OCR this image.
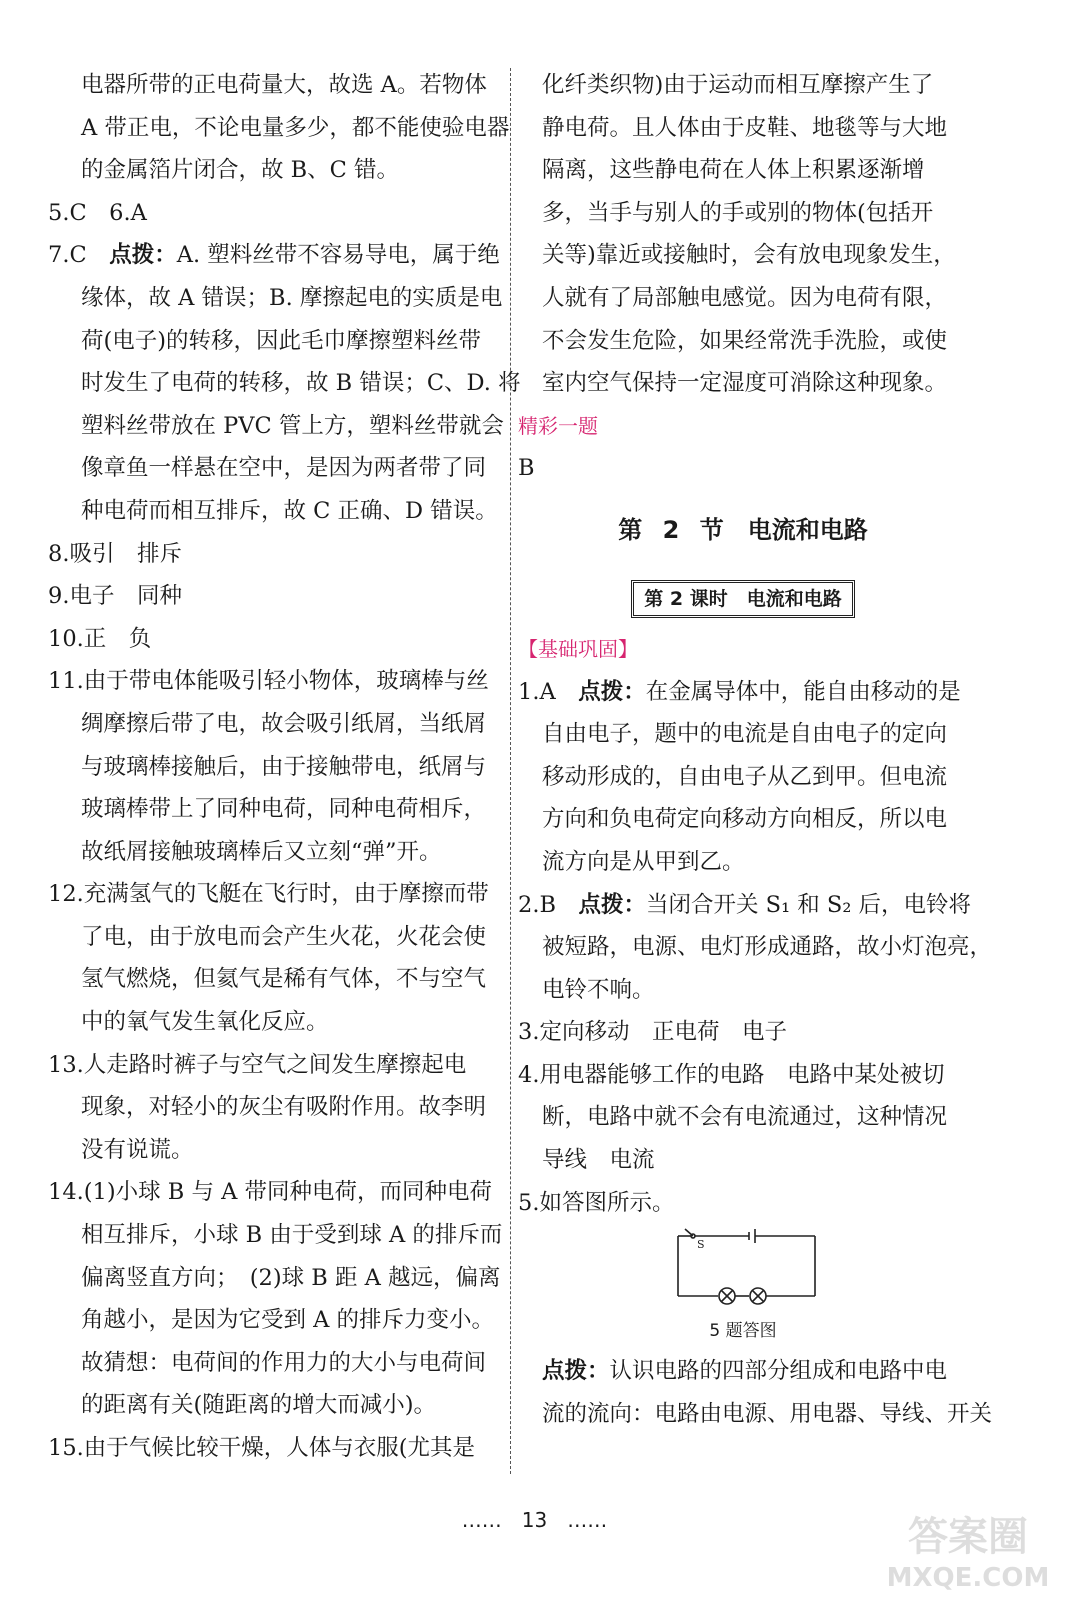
电器所带的正电荷量大，故选 A。若物体
A 带正电，不论电量多少，都不能使验电器
的金属箔片闭合，故 B、C 错。
5.C　6.A
7.C　点拨：A. 塑料丝带不容易导电，属于绝
缘体，故 A 错误；B. 摩擦起电的实质是电
荷(电子)的转移，因此毛巾摩擦塑料丝带
时发生了电荷的转移，故 B 错误；C、D. 将
塑料丝带放在 PVC 管上方，塑料丝带就会
像章鱼一样悬在空中，是因为两者带了同
种电荷而相互排斥，故 C 正确、D 错误。
8.吸引　排斥
9.电子　同种
10.正　负
11.由于带电体能吸引轻小物体，玻璃棒与丝
绸摩擦后带了电，故会吸引纸屑，当纸屑
与玻璃棒接触后，由于接触带电，纸屑与
玻璃棒带上了同种电荷，同种电荷相斥，
故纸屑接触玻璃棒后又立刻“弹”开。
12.充满氢气的飞艇在飞行时，由于摩擦而带
了电，由于放电而会产生火花，火花会使
氢气燃烧，但氦气是稀有气体，不与空气
中的氧气发生氧化反应。
13.人走路时裤子与空气之间发生摩擦起电
现象，对轻小的灰尘有吸附作用。故李明
没有说谎。
14.(1)小球 B 与 A 带同种电荷，而同种电荷
相互排斥，小球 B 由于受到球 A 的排斥而
偏离竖直方向；　(2)球 B 距 A 越远，偏离
角越小，是因为它受到 A 的排斥力变小。
故猜想：电荷间的作用力的大小与电荷间
的距离有关(随距离的增大而减小)。
15.由于气候比较干燥，人体与衣服(尤其是
化纤类织物)由于运动而相互摩擦产生了
静电荷。且人体由于皮鞋、地毯等与大地
隔离，这些静电荷在人体上积累逐渐增
多，当手与别人的手或别的物体(包括开
关等)靠近或接触时，会有放电现象发生，
人就有了局部触电感觉。因为电荷有限，
不会发生危险，如果经常洗手洗脸，或使
室内空气保持一定湿度可消除这种现象。
精彩一题
B
第 2 节　电流和电路
第 2 课时　电流和电路
【基础巩固】
1.A　点拨：在金属导体中，能自由移动的是
自由电子，题中的电流是自由电子的定向
移动形成的，自由电子从乙到甲。但电流
方向和负电荷定向移动方向相反，所以电
流方向是从甲到乙。
2.B　点拨：当闭合开关 S₁ 和 S₂ 后，电铃将
被短路，电源、电灯形成通路，故小灯泡亮，
电铃不响。
3.定向移动　正电荷　电子
4.用电器能够工作的电路　电路中某处被切
断，电路中就不会有电流通过，这种情况
导线　电流
5.如答图所示。
S
5 题答图
点拨：认识电路的四部分组成和电路中电
流的流向：电路由电源、用电器、导线、开关
……　13　……	答案圈
MXQE.COM
